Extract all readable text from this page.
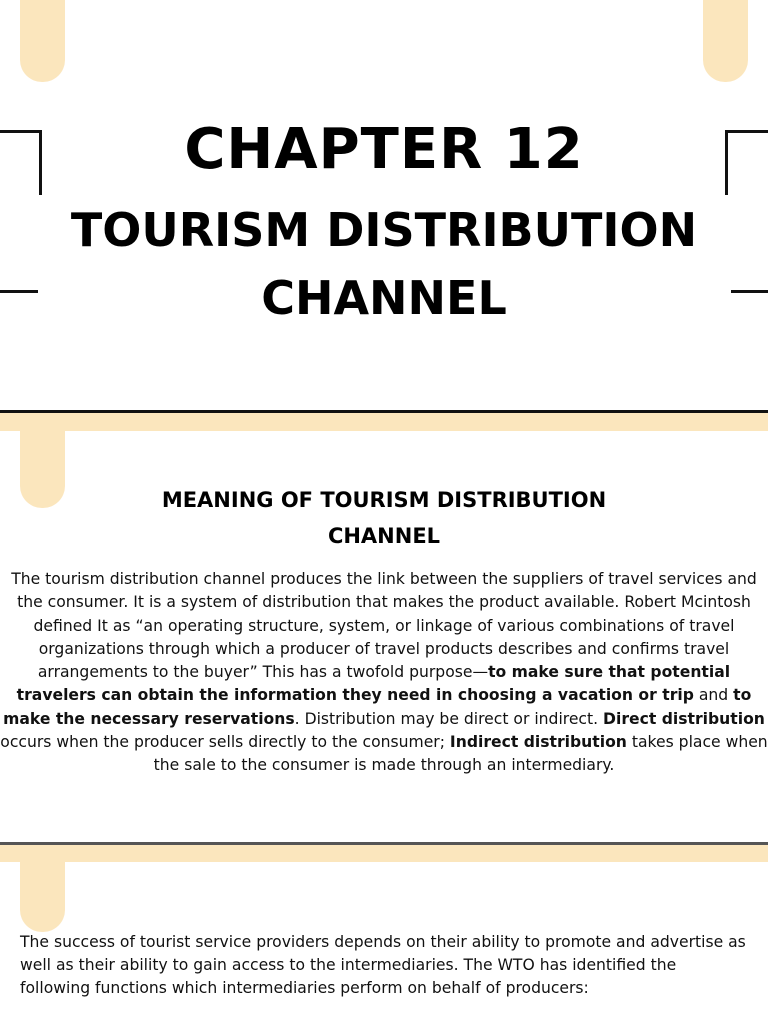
CHAPTER 12
TOURISM DISTRIBUTION
CHANNEL
MEANING OF TOURISM DISTRIBUTION
CHANNEL
The tourism distribution channel produces the link between the suppliers of travel services and the consumer. It is a system of distribution that makes the product available. Robert Mcintosh defined It as “an operating structure, system, or linkage of various combinations of travel organizations through which a producer of travel products describes and confirms travel arrangements to the buyer” This has a twofold purpose—to make sure that potential travelers can obtain the information they need in choosing a vacation or trip and to make the necessary reservations. Distribution may be direct or indirect. Direct distribution occurs when the producer sells directly to the consumer; Indirect distribution takes place when the sale to the consumer is made through an intermediary.
The success of tourist service providers depends on their ability to promote and advertise as well as their ability to gain access to the intermediaries. The WTO has identified the following functions which intermediaries perform on behalf of producers:
